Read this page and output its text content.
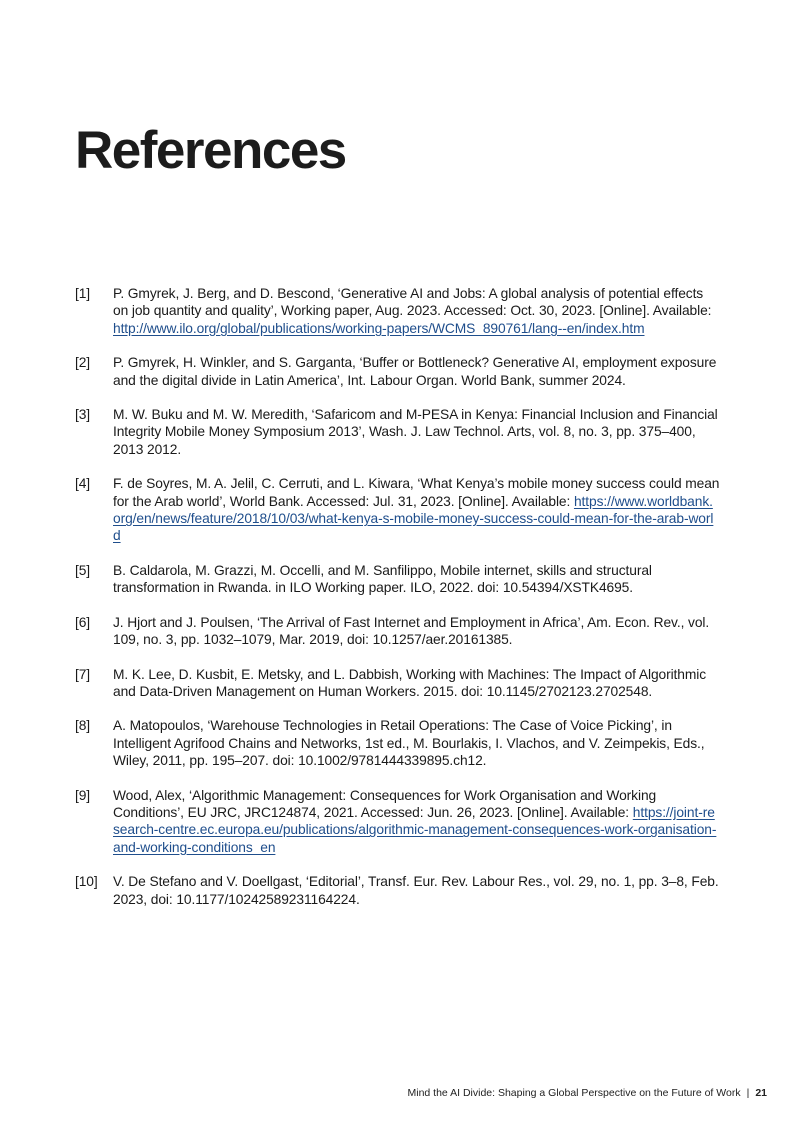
References
[1]	P. Gmyrek, J. Berg, and D. Bescond, ‘Generative AI and Jobs: A global analysis of potential effects on job quantity and quality’, Working paper, Aug. 2023. Accessed: Oct. 30, 2023. [Online]. Available: http://www.ilo.org/global/publications/working-papers/WCMS_890761/lang--en/index.htm
[2]	P. Gmyrek, H. Winkler, and S. Garganta, ‘Buffer or Bottleneck? Generative AI, employment exposure and the digital divide in Latin America’, Int. Labour Organ. World Bank, summer 2024.
[3]	M. W. Buku and M. W. Meredith, ‘Safaricom and M-PESA in Kenya: Financial Inclusion and Financial Integrity Mobile Money Symposium 2013’, Wash. J. Law Technol. Arts, vol. 8, no. 3, pp. 375–400, 2013 2012.
[4]	F. de Soyres, M. A. Jelil, C. Cerruti, and L. Kiwara, ‘What Kenya’s mobile money success could mean for the Arab world’, World Bank. Accessed: Jul. 31, 2023. [Online]. Available: https://www.worldbank.org/en/news/feature/2018/10/03/what-kenya-s-mobile-money-success-could-mean-for-the-arab-world
[5]	B. Caldarola, M. Grazzi, M. Occelli, and M. Sanfilippo, Mobile internet, skills and structural transformation in Rwanda. in ILO Working paper. ILO, 2022. doi: 10.54394/XSTK4695.
[6]	J. Hjort and J. Poulsen, ‘The Arrival of Fast Internet and Employment in Africa’, Am. Econ. Rev., vol. 109, no. 3, pp. 1032–1079, Mar. 2019, doi: 10.1257/aer.20161385.
[7]	M. K. Lee, D. Kusbit, E. Metsky, and L. Dabbish, Working with Machines: The Impact of Algorithmic and Data-Driven Management on Human Workers. 2015. doi: 10.1145/2702123.2702548.
[8]	A. Matopoulos, ‘Warehouse Technologies in Retail Operations: The Case of Voice Picking’, in Intelligent Agrifood Chains and Networks, 1st ed., M. Bourlakis, I. Vlachos, and V. Zeimpekis, Eds., Wiley, 2011, pp. 195–207. doi: 10.1002/9781444339895.ch12.
[9]	Wood, Alex, ‘Algorithmic Management: Consequences for Work Organisation and Working Conditions’, EU JRC, JRC124874, 2021. Accessed: Jun. 26, 2023. [Online]. Available: https://joint-research-centre.ec.europa.eu/publications/algorithmic-management-consequences-work-organisation-and-working-conditions_en
[10]	V. De Stefano and V. Doellgast, ‘Editorial’, Transf. Eur. Rev. Labour Res., vol. 29, no. 1, pp. 3–8, Feb. 2023, doi: 10.1177/10242589231164224.
Mind the AI Divide: Shaping a Global Perspective on the Future of Work | 21
